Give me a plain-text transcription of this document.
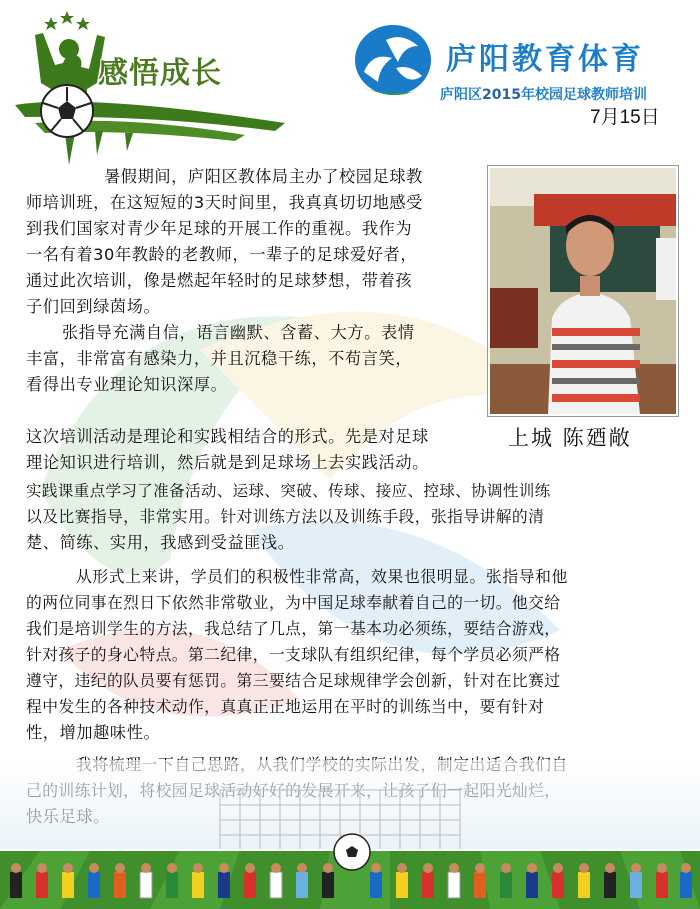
感悟成长	庐阳教育体育
庐阳区2015年校园足球教师培训
7月15日
上城 陈廼敞
暑假期间，庐阳区教体局主办了校园足球教
师培训班，在这短短的3天时间里，我真真切切地感受
到我们国家对青少年足球的开展工作的重视。我作为
一名有着30年教龄的老教师，一辈子的足球爱好者，
通过此次培训，像是燃起年轻时的足球梦想，带着孩
子们回到绿茵场。
张指导充满自信，语言幽默、含蓄、大方。表情
丰富，非常富有感染力，并且沉稳干练，不苟言笑，
看得出专业理论知识深厚。
这次培训活动是理论和实践相结合的形式。先是对足球
理论知识进行培训，然后就是到足球场上去实践活动。
实践课重点学习了准备活动、运球、突破、传球、接应、控球、协调性训练
以及比赛指导，非常实用。针对训练方法以及训练手段，张指导讲解的清
楚、简练、实用，我感到受益匪浅。
从形式上来讲，学员们的积极性非常高，效果也很明显。张指导和他
的两位同事在烈日下依然非常敬业，为中国足球奉献着自己的一切。他交给
我们是培训学生的方法，我总结了几点，第一基本功必须练，要结合游戏，
针对孩子的身心特点。第二纪律，一支球队有组织纪律，每个学员必须严格
遵守，违纪的队员要有惩罚。第三要结合足球规律学会创新，针对在比赛过
程中发生的各种技术动作，真真正正地运用在平时的训练当中，要有针对
性，增加趣味性。
